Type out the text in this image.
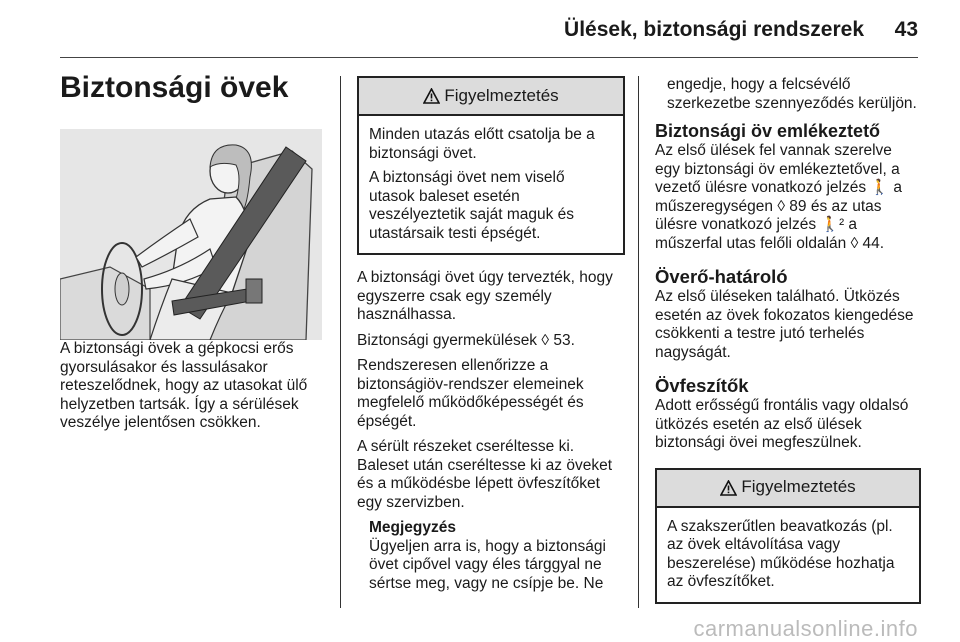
Ülések, biztonsági rendszerek 43
Biztonsági övek

A biztonsági övek a gépkocsi erős gyorsulásakor és lassulásakor reteszelődnek, hogy az utasokat ülő helyzetben tartsák. Így a sérülések veszélye jelentősen csökken.

Figyelmeztetés

Minden utazás előtt csatolja be a biztonsági övet.

A biztonsági övet nem viselő utasok baleset esetén veszélyeztetik saját maguk és utastársaik testi épségét.

A biztonsági övet úgy tervezték, hogy egyszerre csak egy személy használhassa.

Biztonsági gyermekülések ◊ 53.

Rendszeresen ellenőrizze a biztonságiöv-rendszer elemeinek megfelelő működőképességét és épségét.

A sérült részeket cseréltesse ki. Baleset után cseréltesse ki az öveket és a működésbe lépett övfeszítőket egy szervizben.

Megjegyzés
Ügyeljen arra is, hogy a biztonsági övet cipővel vagy éles tárggyal ne sértse meg, vagy ne csípje be. Ne

engedje, hogy a felcsévélő szerkezetbe szennyeződés kerüljön.

Biztonsági öv emlékeztető

Az első ülések fel vannak szerelve egy biztonsági öv emlékeztetővel, a vezető ülésre vonatkozó jelzés 🚶 a műszeregységen ◊ 89 és az utas ülésre vonatkozó jelzés 🚶² a műszerfal utas felőli oldalán ◊ 44.

Överő-határoló

Az első üléseken található. Ütközés esetén az övek fokozatos kiengedése csökkenti a testre jutó terhelés nagyságát.

Övfeszítők

Adott erősségű frontális vagy oldalsó ütközés esetén az első ülések biztonsági övei megfeszülnek.

Figyelmeztetés

A szakszerűtlen beavatkozás (pl. az övek eltávolítása vagy beszerelése) működése hozhatja az övfeszítőket.

carmanualsonline.info
